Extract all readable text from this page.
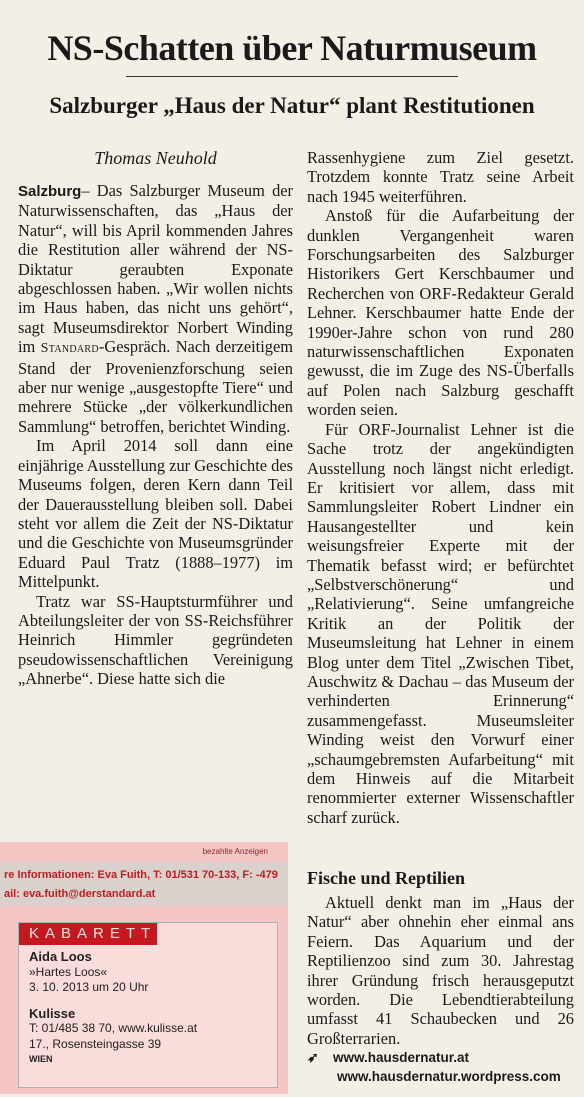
NS-Schatten über Naturmuseum
Salzburger „Haus der Natur“ plant Restitutionen
Thomas Neuhold

Salzburg– Das Salzburger Museum der Naturwissenschaften, das „Haus der Natur“, will bis April kommenden Jahres die Restitution aller während der NS-Diktatur geraubten Exponate abgeschlossen haben. „Wir wollen nichts im Haus haben, das nicht uns gehört“, sagt Museumsdirektor Norbert Winding im Standard-Gespräch. Nach derzeitigem Stand der Provenienzforschung seien aber nur wenige „ausgestopfte Tiere“ und mehrere Stücke „der völkerkundlichen Sammlung“ betroffen, berichtet Winding.

Im April 2014 soll dann eine einjährige Ausstellung zur Geschichte des Museums folgen, deren Kern dann Teil der Dauerausstellung bleiben soll. Dabei steht vor allem die Zeit der NS-Diktatur und die Geschichte von Museumsgründer Eduard Paul Tratz (1888–1977) im Mittelpunkt.

Tratz war SS-Hauptsturmführer und Abteilungsleiter der von SS-Reichsführer Heinrich Himmler gegründeten pseudowissenschaftlichen Vereinigung „Ahnerbe“. Diese hatte sich die

Rassenhygiene zum Ziel gesetzt. Trotzdem konnte Tratz seine Arbeit nach 1945 weiterführen.

Anstoß für die Aufarbeitung der dunklen Vergangenheit waren Forschungsarbeiten des Salzburger Historikers Gert Kerschbaumer und Recherchen von ORF-Redakteur Gerald Lehner. Kerschbaumer hatte Ende der 1990er-Jahre schon von rund 280 naturwissenschaftlichen Exponaten gewusst, die im Zuge des NS-Überfalls auf Polen nach Salzburg geschafft worden seien.

Für ORF-Journalist Lehner ist die Sache trotz der angekündigten Ausstellung noch längst nicht erledigt. Er kritisiert vor allem, dass mit Sammlungsleiter Robert Lindner ein Hausangestellter und kein weisungsfreier Experte mit der Thematik befasst wird; er befürchtet „Selbstverschönerung“ und „Relativierung“. Seine umfangreiche Kritik an der Politik der Museumsleitung hat Lehner in einem Blog unter dem Titel „Zwischen Tibet, Auschwitz & Dachau – das Museum der verhinderten Erinnerung“ zusammengefasst. Museumsleiter Winding weist den Vorwurf einer „schaumgebremsten Aufarbeitung“ mit dem Hinweis auf die Mitarbeit renommierter externer Wissenschaftler scharf zurück.

Fische und Reptilien

Aktuell denkt man im „Haus der Natur“ aber ohnehin eher einmal ans Feiern. Das Aquarium und der Reptilienzoo sind zum 30. Jahrestag ihrer Gründung frisch herausgeputzt worden. Die Lebendtierabteilung umfasst 41 Schaubecken und 26 Großterrarien.

➶ www.hausdernatur.at
www.hausdernatur.wordpress.com
bezahlte Anzeigen
re Informationen: Eva Fuith, T: 01/531 70-133, F: -479
ail: eva.fuith@derstandard.at
KABARETT
Aida Loos
»Hartes Loos«
3. 10. 2013 um 20 Uhr
Kulisse
T: 01/485 38 70, www.kulisse.at
17., Rosensteingasse 39
WIEN
